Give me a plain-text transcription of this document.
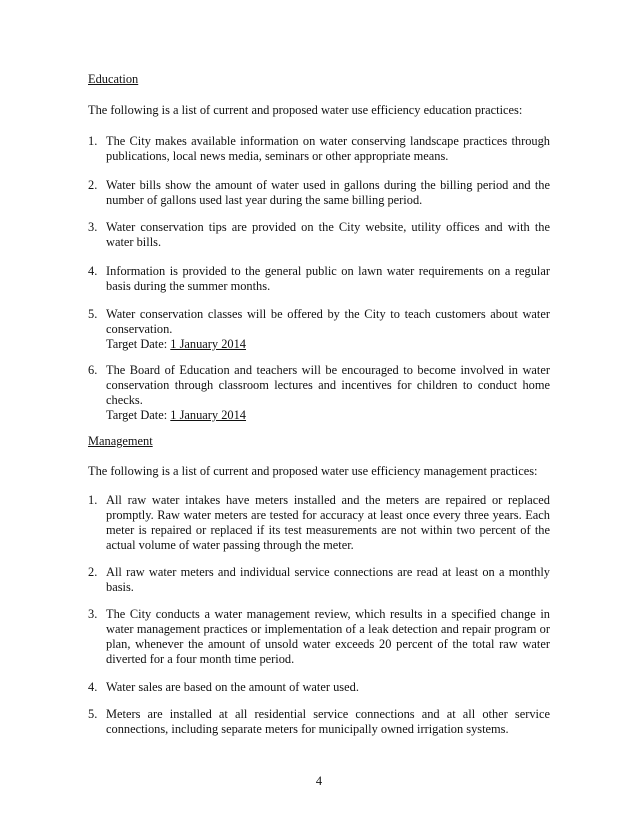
Education
The following is a list of current and proposed water use efficiency education practices:
1. The City makes available information on water conserving landscape practices through publications, local news media, seminars or other appropriate means.
2. Water bills show the amount of water used in gallons during the billing period and the number of gallons used last year during the same billing period.
3. Water conservation tips are provided on the City website, utility offices and with the water bills.
4. Information is provided to the general public on lawn water requirements on a regular basis during the summer months.
5. Water conservation classes will be offered by the City to teach customers about water conservation.
Target Date: 1 January 2014
6. The Board of Education and teachers will be encouraged to become involved in water conservation through classroom lectures and incentives for children to conduct home checks.
Target Date: 1 January 2014
Management
The following is a list of current and proposed water use efficiency management practices:
1. All raw water intakes have meters installed and the meters are repaired or replaced promptly. Raw water meters are tested for accuracy at least once every three years. Each meter is repaired or replaced if its test measurements are not within two percent of the actual volume of water passing through the meter.
2. All raw water meters and individual service connections are read at least on a monthly basis.
3. The City conducts a water management review, which results in a specified change in water management practices or implementation of a leak detection and repair program or plan, whenever the amount of unsold water exceeds 20 percent of the total raw water diverted for a four month time period.
4. Water sales are based on the amount of water used.
5. Meters are installed at all residential service connections and at all other service connections, including separate meters for municipally owned irrigation systems.
4
